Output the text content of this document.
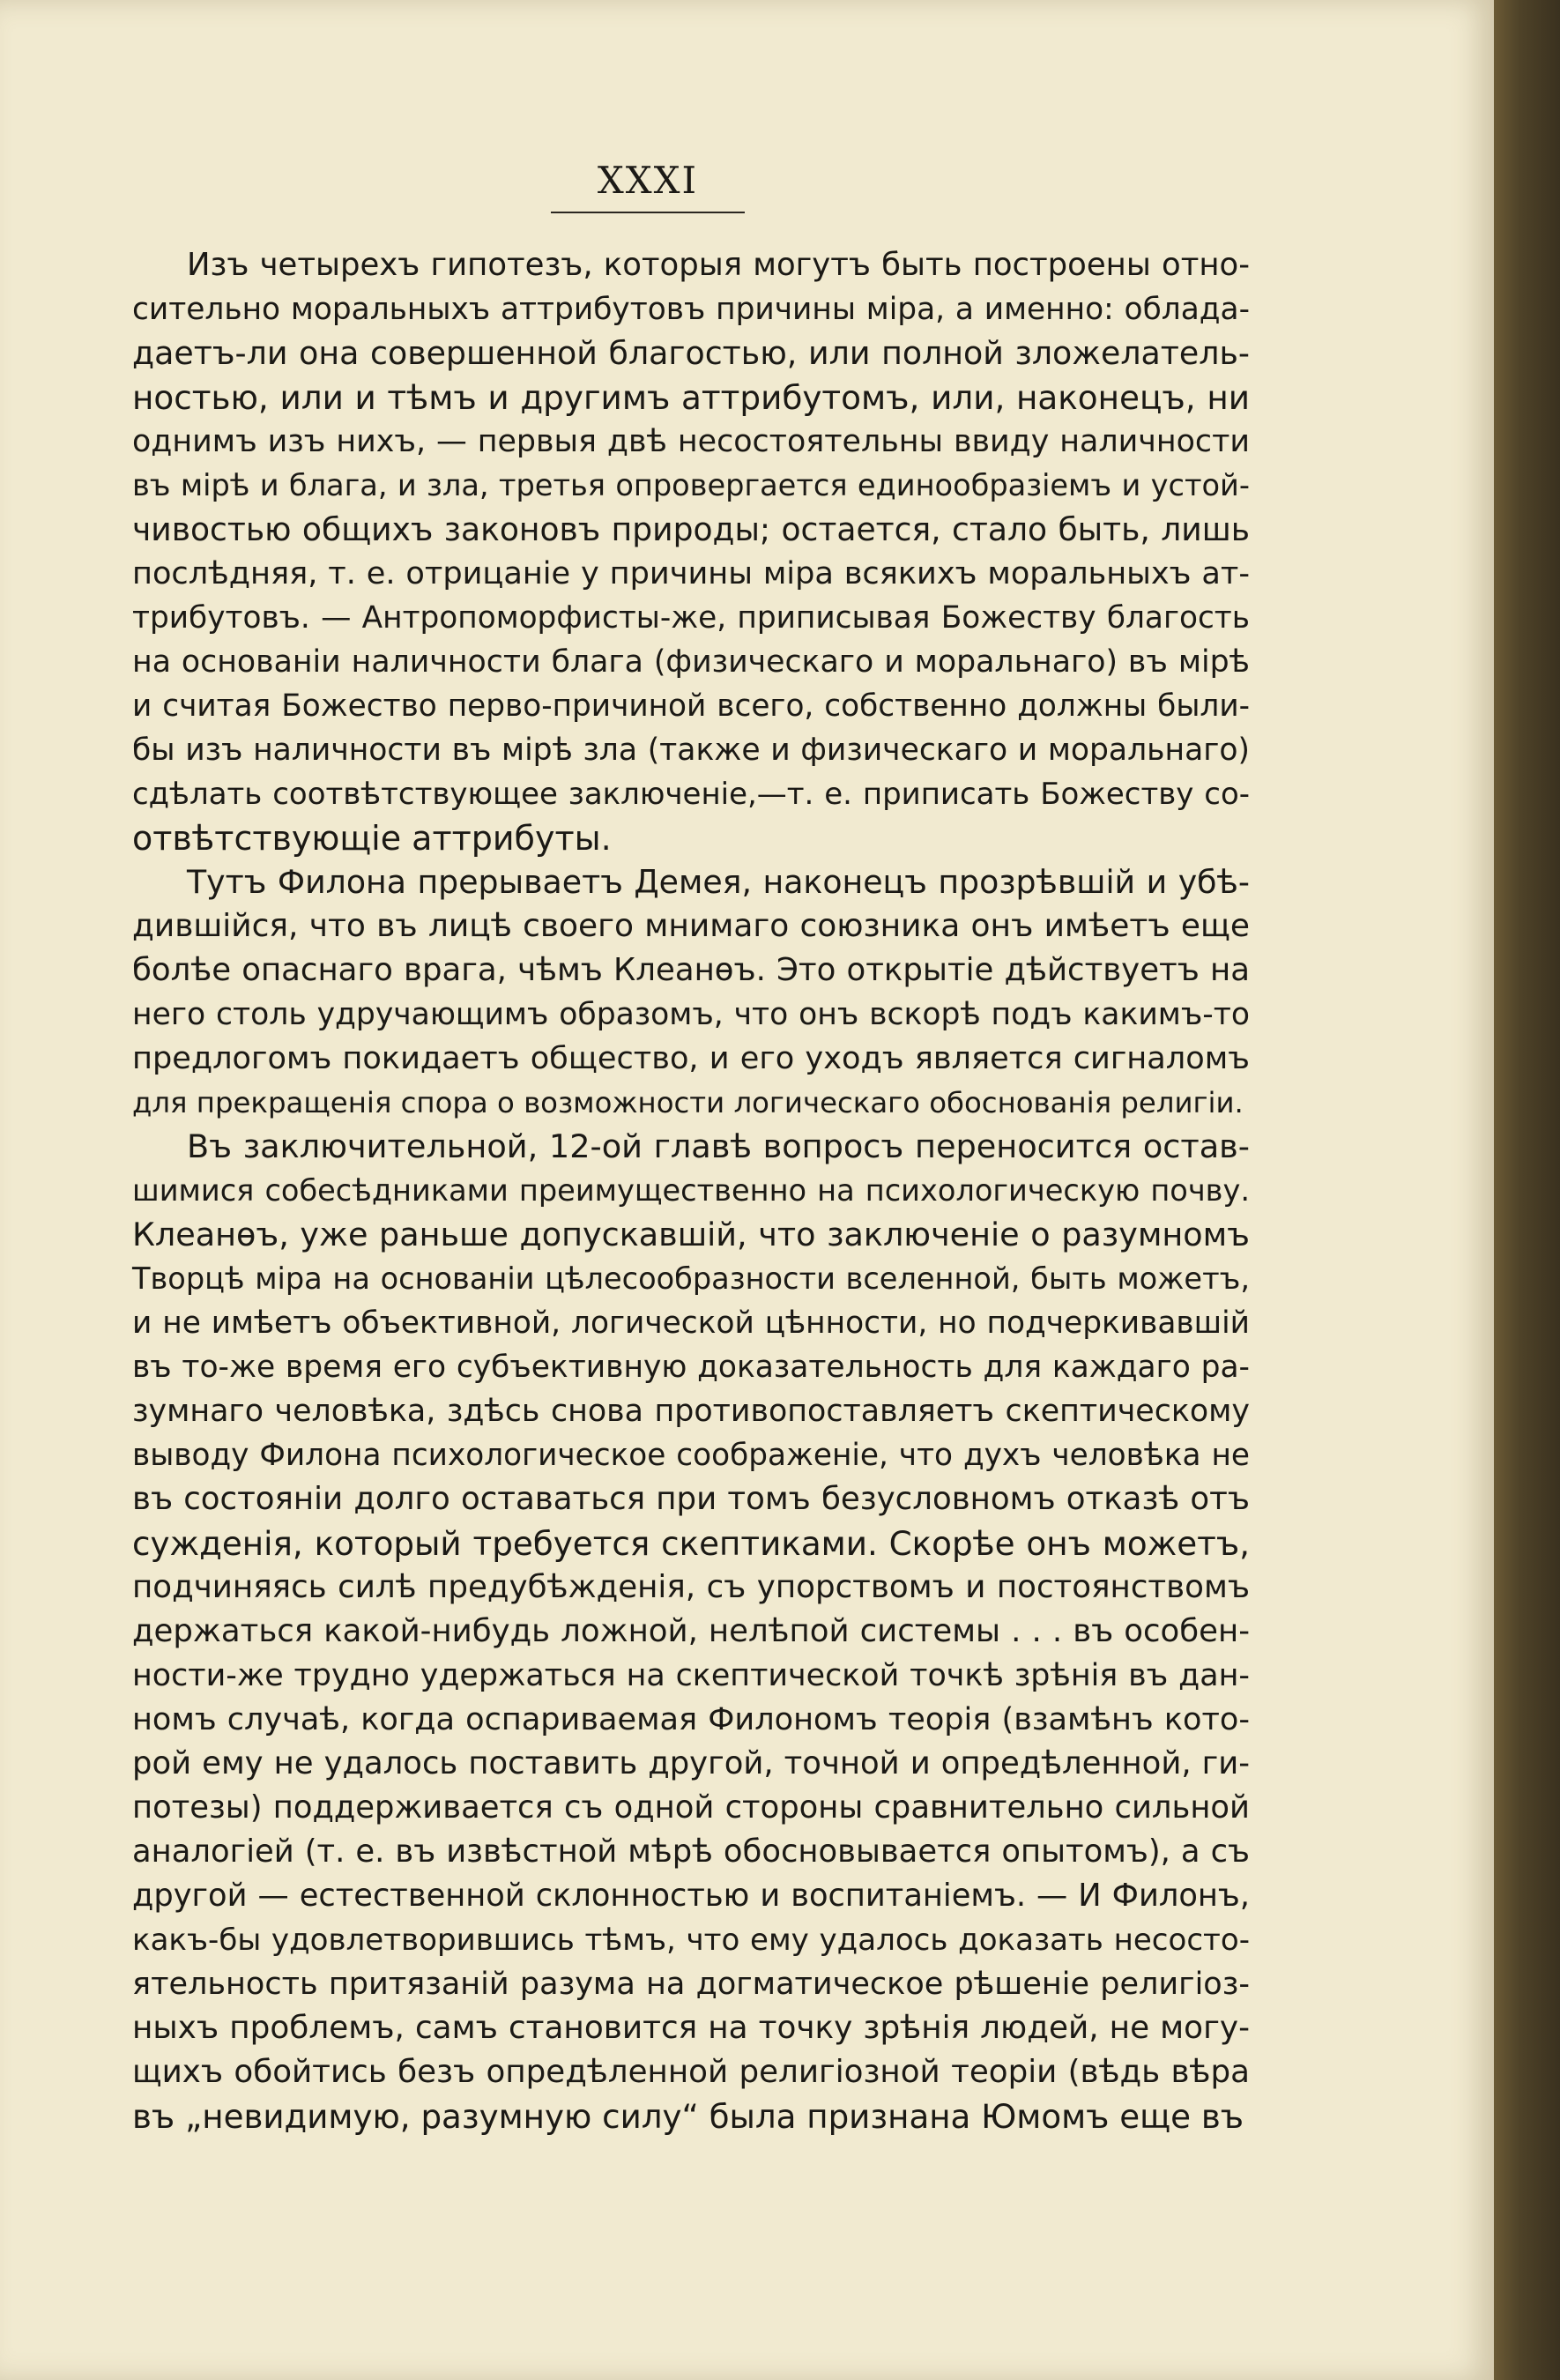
XXXI
Изъ четырехъ гипотезъ, которыя могутъ быть построены отно-
сительно моральныхъ аттрибутовъ причины міра, а именно: облада-
даетъ-ли она совершенной благостью, или полной зложелатель-
ностью, или и тѣмъ и другимъ аттрибутомъ, или, наконецъ, ни
однимъ изъ нихъ, — первыя двѣ несостоятельны ввиду наличности
въ мірѣ и блага, и зла, третья опровергается единообразіемъ и устой-
чивостью общихъ законовъ природы; остается, стало быть, лишь
послѣдняя, т. е. отрицаніе у причины міра всякихъ моральныхъ ат-
трибутовъ. — Антропоморфисты-же, приписывая Божеству благость
на основаніи наличности блага (физическаго и моральнаго) въ мірѣ
и считая Божество перво-причиной всего, собственно должны были-
бы изъ наличности въ мірѣ зла (также и физическаго и моральнаго)
сдѣлать соотвѣтствующее заключеніе,—т. е. приписать Божеству со-
отвѣтствующіе аттрибуты.
Тутъ Филона прерываетъ Демея, наконецъ прозрѣвшій и убѣ-
дившійся, что въ лицѣ своего мнимаго союзника онъ имѣетъ еще
болѣе опаснаго врага, чѣмъ Клеанѳъ. Это открытіе дѣйствуетъ на
него столь удручающимъ образомъ, что онъ вскорѣ подъ какимъ-то
предлогомъ покидаетъ общество, и его уходъ является сигналомъ
для прекращенія спора о возможности логическаго обоснованія религіи.
Въ заключительной, 12-ой главѣ вопросъ переносится остав-
шимися собесѣдниками преимущественно на психологическую почву.
Клеанѳъ, уже раньше допускавшій, что заключеніе о разумномъ
Творцѣ міра на основаніи цѣлесообразности вселенной, быть можетъ,
и не имѣетъ объективной, логической цѣнности, но подчеркивавшій
въ то-же время его субъективную доказательность для каждаго ра-
зумнаго человѣка, здѣсь снова противопоставляетъ скептическому
выводу Филона психологическое соображеніе, что духъ человѣка не
въ состояніи долго оставаться при томъ безусловномъ отказѣ отъ
сужденія, который требуется скептиками. Скорѣе онъ можетъ,
подчиняясь силѣ предубѣжденія, съ упорствомъ и постоянствомъ
держаться какой-нибудь ложной, нелѣпой системы . . . въ особен-
ности-же трудно удержаться на скептической точкѣ зрѣнія въ дан-
номъ случаѣ, когда оспариваемая Филономъ теорія (взамѣнъ кото-
рой ему не удалось поставить другой, точной и опредѣленной, ги-
потезы) поддерживается съ одной стороны сравнительно сильной
аналогіей (т. е. въ извѣстной мѣрѣ обосновывается опытомъ), а съ
другой — естественной склонностью и воспитаніемъ. — И Филонъ,
какъ-бы удовлетворившись тѣмъ, что ему удалось доказать несосто-
ятельность притязаній разума на догматическое рѣшеніе религіоз-
ныхъ проблемъ, самъ становится на точку зрѣнія людей, не могу-
щихъ обойтись безъ опредѣленной религіозной теоріи (вѣдь вѣра
въ „невидимую, разумную силу“ была признана Юмомъ еще въ
